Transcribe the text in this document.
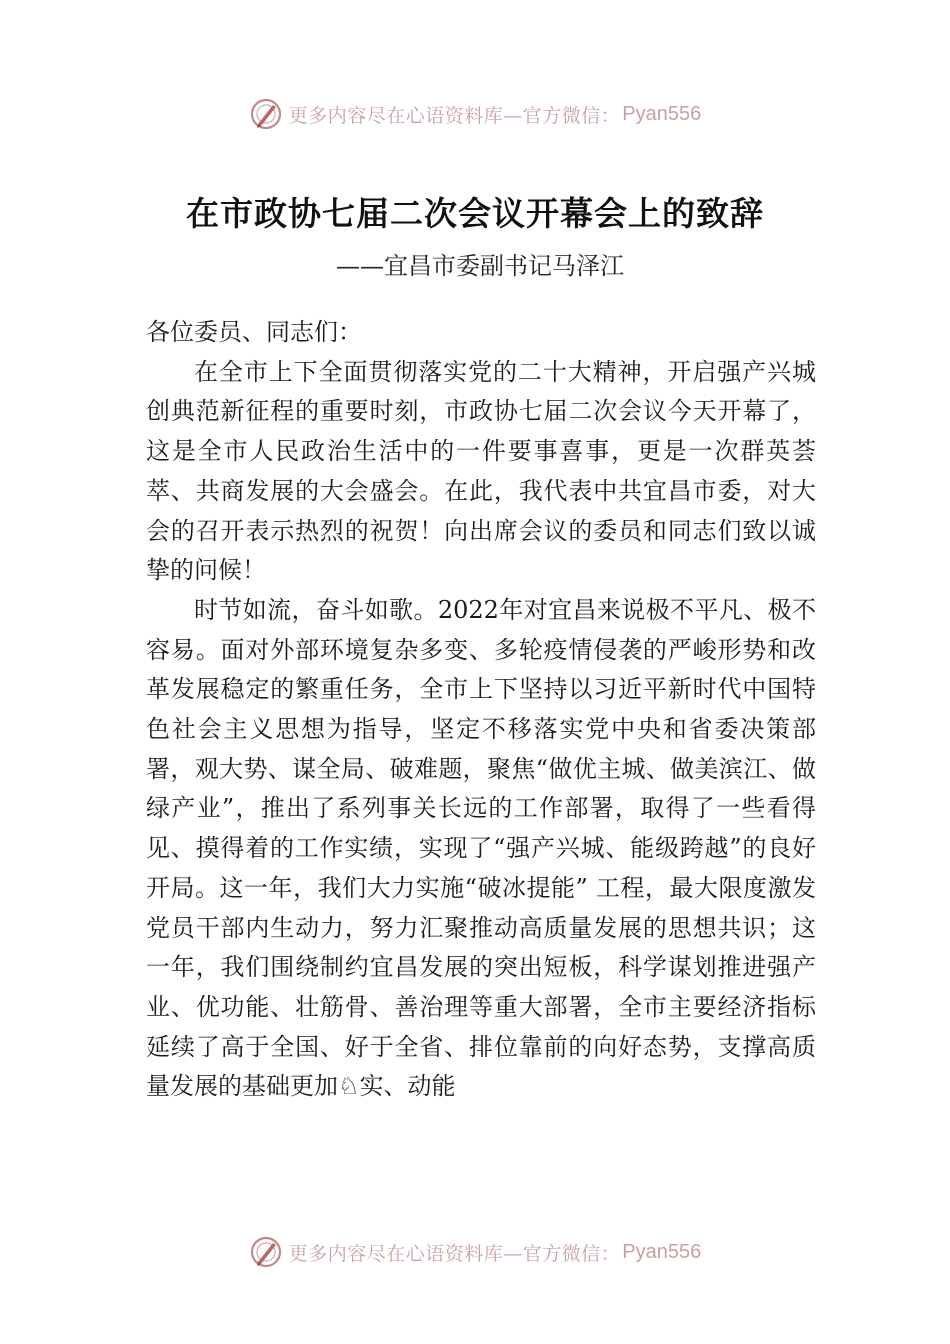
更多内容尽在心语资料库—官方微信： Pyan556
在市政协七届二次会议开幕会上的致辞
——宜昌市委副书记马泽江

各位委员、同志们：

在全市上下全面贯彻落实党的二十大精神，开启强产兴城创典范新征程的重要时刻，市政协七届二次会议今天开幕了，这是全市人民政治生活中的一件要事喜事，更是一次群英荟萃、共商发展的大会盛会。在此，我代表中共宜昌市委，对大会的召开表示热烈的祝贺！向出席会议的委员和同志们致以诚挚的问候！

时节如流，奋斗如歌。2022年对宜昌来说极不平凡、极不容易。面对外部环境复杂多变、多轮疫情侵袭的严峻形势和改革发展稳定的繁重任务，全市上下坚持以习近平新时代中国特色社会主义思想为指导，坚定不移落实党中央和省委决策部署，观大势、谋全局、破难题，聚焦“做优主城、做美滨江、做绿产业”，推出了系列事关长远的工作部署，取得了一些看得见、摸得着的工作实绩，实现了“强产兴城、能级跨越”的良好开局。这一年，我们大力实施“破冰提能” 工程，最大限度激发党员干部内生动力，努力汇聚推动高质量发展的思想共识；这一年，我们围绕制约宜昌发展的突出短板，科学谋划推进强产业、优功能、壮筋骨、善治理等重大部署，全市主要经济指标延续了高于全国、好于全省、排位靠前的向好态势，支撑高质量发展的基础更加♘实、动能

更多内容尽在心语资料库—官方微信： Pyan556
